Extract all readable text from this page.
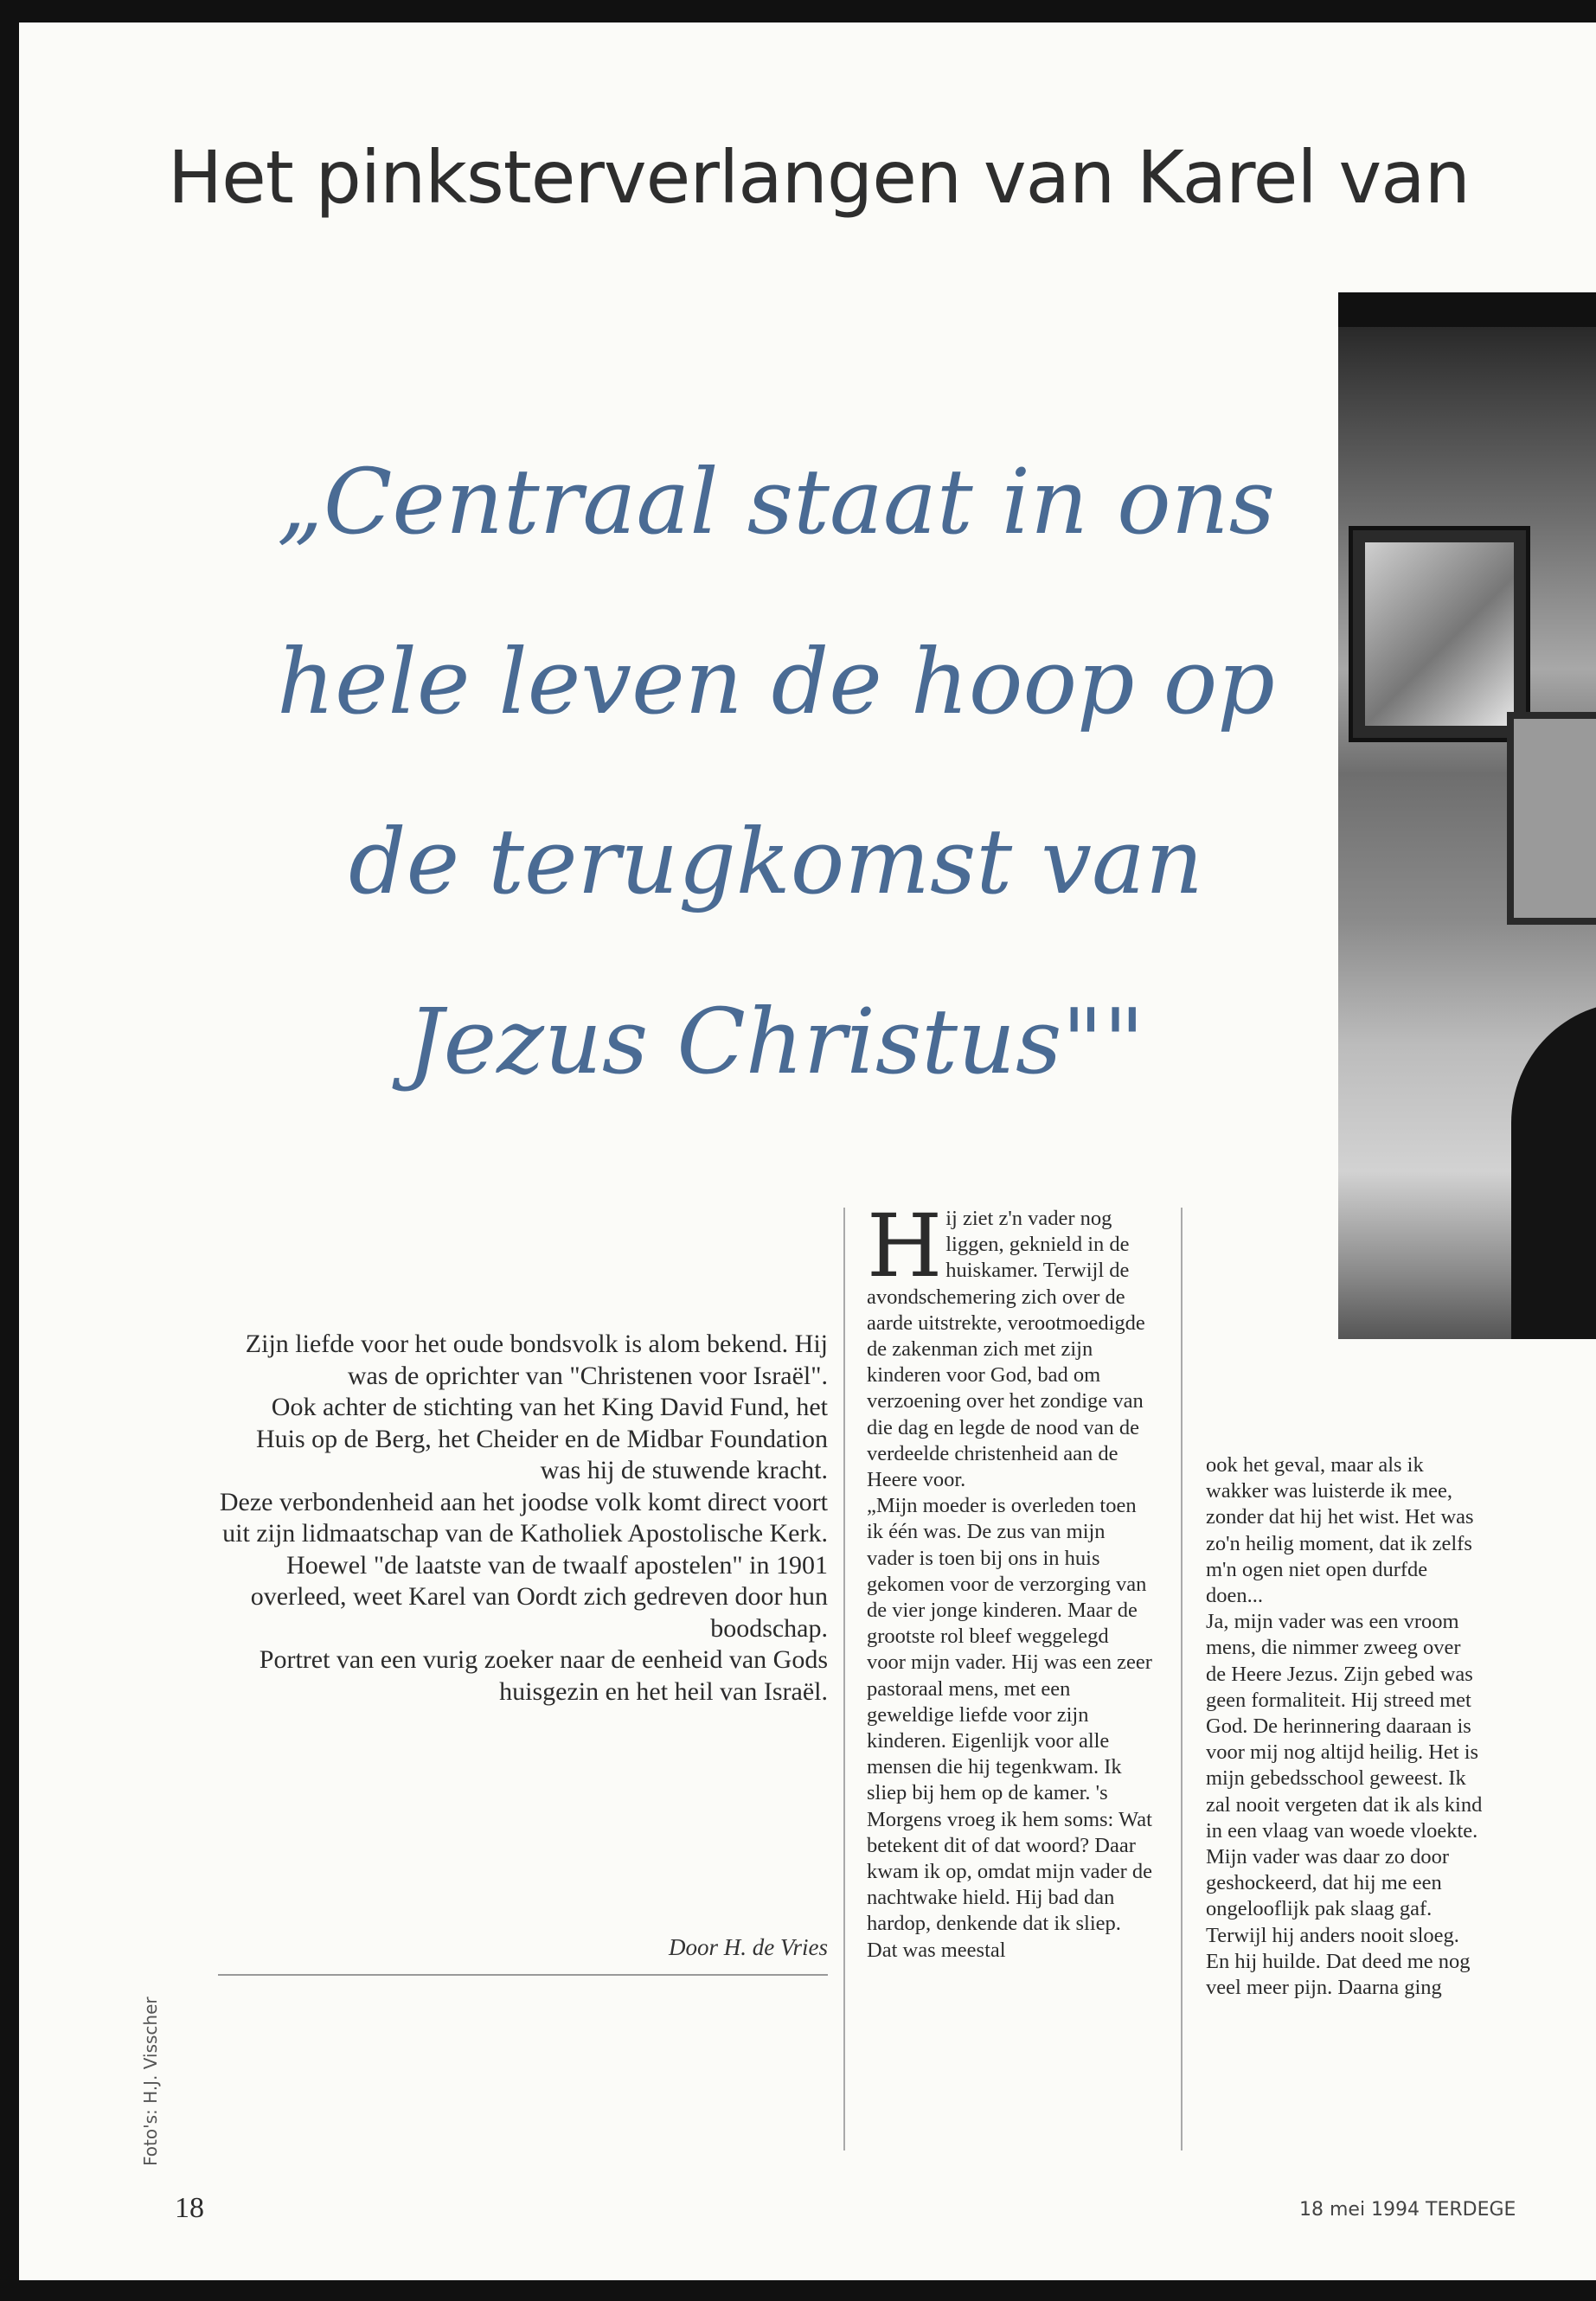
Het pinksterverlangen van Karel van
„Centraal staat in ons
hele leven de hoop op
de terugkomst van
Jezus Christus""

Zijn liefde voor het oude bondsvolk is alom bekend. Hij was de oprichter van "Christenen voor Israël".

Ook achter de stichting van het King David Fund, het Huis op de Berg, het Cheider en de Midbar Foundation was hij de stuwende kracht.

Deze verbondenheid aan het joodse volk komt direct voort uit zijn lidmaatschap van de Katholiek Apostolische Kerk.

Hoewel "de laatste van de twaalf apostelen" in 1901 overleed, weet Karel van Oordt zich gedreven door hun boodschap.

Portret van een vurig zoeker naar de eenheid van Gods huisgezin en het heil van Israël.

Door H. de Vries
H ij ziet z'n vader nog liggen, geknield in de huiskamer. Terwijl de avondschemering zich over de aarde uitstrekte, verootmoedigde de zakenman zich met zijn kinderen voor God, bad om verzoening over het zondige van die dag en legde de nood van de verdeelde christenheid aan de Heere voor.

„Mijn moeder is overleden toen ik één was. De zus van mijn vader is toen bij ons in huis gekomen voor de verzorging van de vier jonge kinderen. Maar de grootste rol bleef weggelegd voor mijn vader. Hij was een zeer pastoraal mens, met een geweldige liefde voor zijn kinderen. Eigenlijk voor alle mensen die hij tegenkwam. Ik sliep bij hem op de kamer. 's Morgens vroeg ik hem soms: Wat betekent dit of dat woord? Daar kwam ik op, omdat mijn vader de nachtwake hield. Hij bad dan hardop, denkende dat ik sliep. Dat was meestal

ook het geval, maar als ik wakker was luisterde ik mee, zonder dat hij het wist. Het was zo'n heilig moment, dat ik zelfs m'n ogen niet open durfde doen...

Ja, mijn vader was een vroom mens, die nimmer zweeg over de Heere Jezus. Zijn gebed was geen formaliteit. Hij streed met God. De herinnering daaraan is voor mij nog altijd heilig. Het is mijn gebedsschool geweest. Ik zal nooit vergeten dat ik als kind in een vlaag van woede vloekte. Mijn vader was daar zo door geshockeerd, dat hij me een ongelooflijk pak slaag gaf. Terwijl hij anders nooit sloeg. En hij huilde. Dat deed me nog veel meer pijn. Daarna ging

Foto's: H.J. Visscher
18	18 mei 1994 TERDEGE
